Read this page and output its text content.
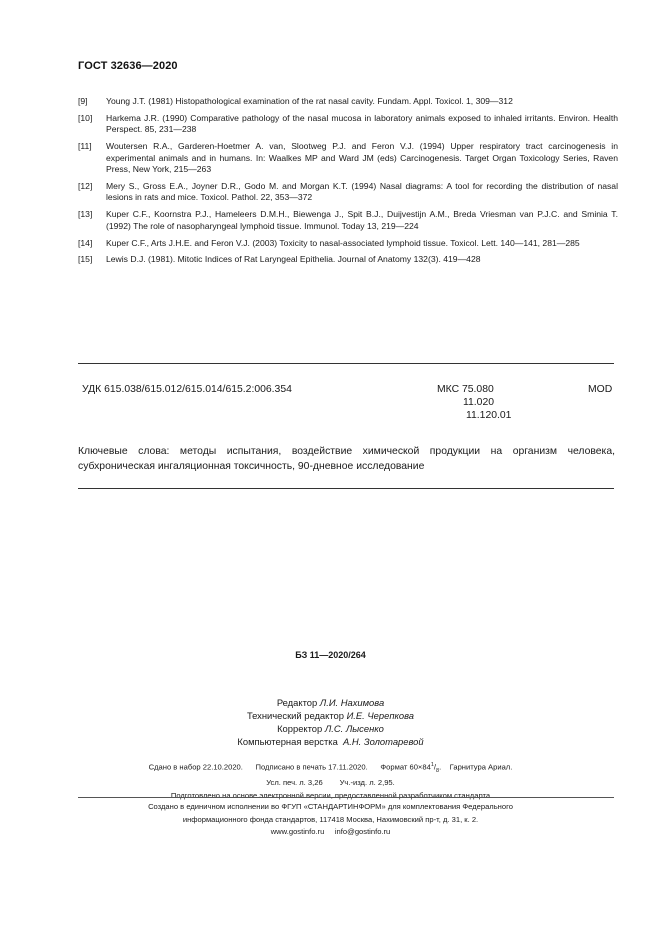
ГОСТ 32636—2020
[9] Young J.T. (1981) Histopathological examination of the rat nasal cavity. Fundam. Appl. Toxicol. 1, 309—312
[10] Harkema J.R. (1990) Comparative pathology of the nasal mucosa in laboratory animals exposed to inhaled irritants. Environ. Health Perspect. 85, 231—238
[11] Woutersen R.A., Garderen-Hoetmer A. van, Slootweg P.J. and Feron V.J. (1994) Upper respiratory tract carcinogenesis in experimental animals and in humans. In: Waalkes MP and Ward JM (eds) Carcinogenesis. Target Organ Toxicology Series, Raven Press, New York, 215—263
[12] Mery S., Gross E.A., Joyner D.R., Godo M. and Morgan K.T. (1994) Nasal diagrams: A tool for recording the distribution of nasal lesions in rats and mice. Toxicol. Pathol. 22, 353—372
[13] Kuper C.F., Koornstra P.J., Hameleers D.M.H., Biewenga J., Spit B.J., Duijvestijn A.M., Breda Vriesman van P.J.C. and Sminia T. (1992) The role of nasopharyngeal lymphoid tissue. Immunol. Today 13, 219—224
[14] Kuper C.F., Arts J.H.E. and Feron V.J. (2003) Toxicity to nasal-associated lymphoid tissue. Toxicol. Lett. 140—141, 281—285
[15] Lewis D.J. (1981). Mitotic Indices of Rat Laryngeal Epithelia. Journal of Anatomy 132(3). 419—428
УДК 615.038/615.012/615.014/615.2:006.354	МКС 75.080
11.020
11.120.01
MOD
Ключевые слова: методы испытания, воздействие химической продукции на организм человека, субхроническая ингаляционная токсичность, 90-дневное исследование
БЗ 11—2020/264
Редактор Л.И. Нахимова
Технический редактор И.Е. Черепкова
Корректор Л.С. Лысенко
Компьютерная верстка А.Н. Золотаревой
Сдано в набор 22.10.2020. Подписано в печать 17.11.2020. Формат $60\times 84^1/_8$. Гарнитура Ариал.
Усл. печ. л. 3,26 Уч.-изд. л. 2,95.
Подготовлено на основе электронной версии, предоставленной разработчиком стандарта
Создано в единичном исполнении во ФГУП «СТАНДАРТИНФОРМ» для комплектования Федерального
информационного фонда стандартов, 117418 Москва, Нахимовский пр-т, д. 31, к. 2.
www.gostinfo.ru info@gostinfo.ru
